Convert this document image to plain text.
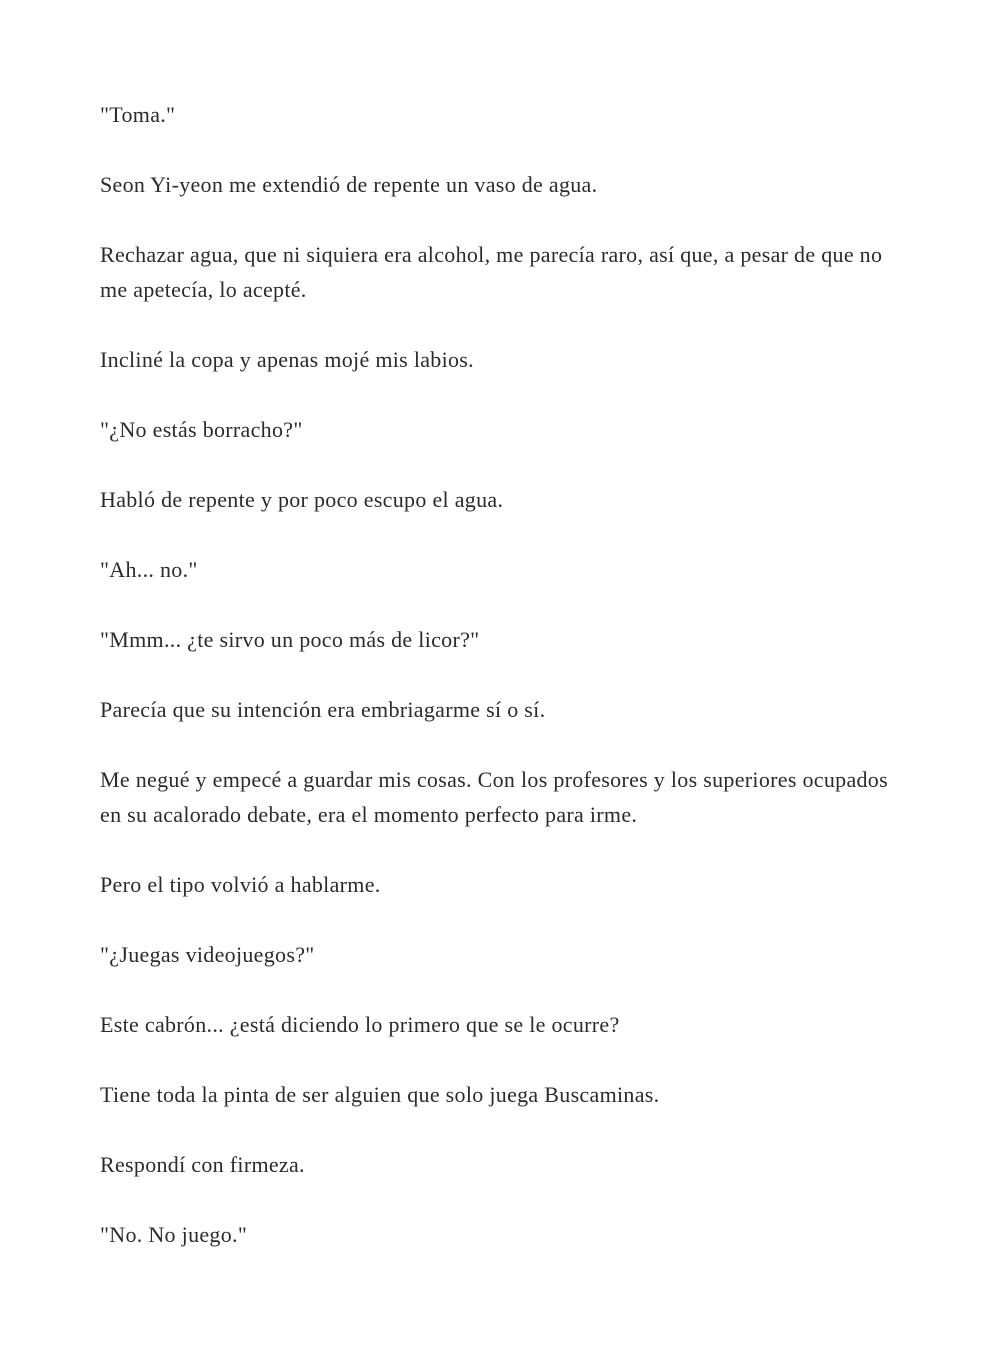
"Toma."

Seon Yi-yeon me extendió de repente un vaso de agua.

Rechazar agua, que ni siquiera era alcohol, me parecía raro, así que, a pesar de que no me apetecía, lo acepté.

Incliné la copa y apenas mojé mis labios.

"¿No estás borracho?"

Habló de repente y por poco escupo el agua.

"Ah... no."

"Mmm... ¿te sirvo un poco más de licor?"

Parecía que su intención era embriagarme sí o sí.

Me negué y empecé a guardar mis cosas. Con los profesores y los superiores ocupados en su acalorado debate, era el momento perfecto para irme.

Pero el tipo volvió a hablarme.

"¿Juegas videojuegos?"

Este cabrón... ¿está diciendo lo primero que se le ocurre?

Tiene toda la pinta de ser alguien que solo juega Buscaminas.

Respondí con firmeza.

"No. No juego."
